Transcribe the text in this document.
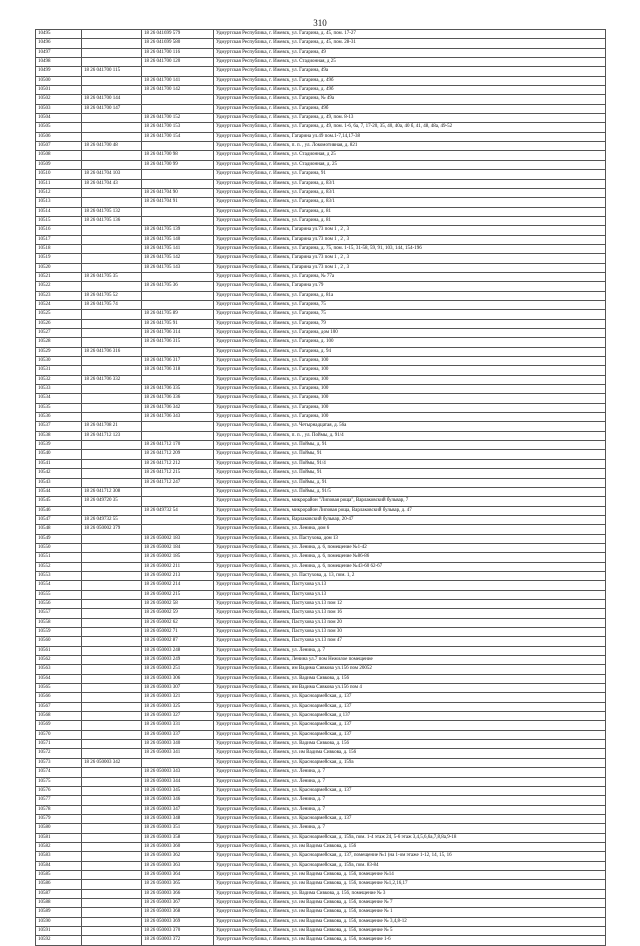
310
10495		18 26 041699 579	Удмуртская Республика, г. Ижевск, ул. Гагарина, д. 45, пом. 17-27
10496		18 26 041699 580	Удмуртская Республика, г. Ижевск, ул. Гагарина, д. 45, пом. 28-31
10497		18 26 041700 116	Удмуртская Республика, г. Ижевск, ул. Гагарина, 49
10498		18 26 041700 120	Удмуртская Республика, г. Ижевск, ул. Стадионная, д 25
10499	18 26 041700 115		Удмуртская Республика, г. Ижевск, ул. Гагарина, 49а
10500		18 26 041700 141	Удмуртская Республика, г. Ижевск, ул. Гагарина, д. 49б
10501		18 26 041700 142	Удмуртская Республика, г. Ижевск, ул. Гагарина, д. 49б
10502	18 26 041700 144		Удмуртская Республика, г. Ижевск, ул. Гагарина, № 49а
10503	18 26 041700 147		Удмуртская Республика, г. Ижевск, ул. Гагарина, 49б
10504		18 26 041700 152	Удмуртская Республика, г. Ижевск, ул. Гагарина, д. 49, пом. 8-13
10505		18 26 041700 153	Удмуртская Республика, г. Ижевск, ул. Гагарина, д. 49, пом. 1-6, 6а, 7, 17-20, 35, 40, 40а, 40 б, 41, 48, 48а, 49-52
10506		18 26 041700 154	Удмуртская Республика, г. Ижевск, Гагарина ул.49 пом.1-7,14,17-38
10507	18 26 041700 48		Удмуртская Республика, г. Ижевск, п. п. , ул. Локомотивная, д. 821
10508		18 26 041700 98	Удмуртская Республика, г. Ижевск, ул. Стадионная, д 25
10509		18 26 041700 99	Удмуртская Республика, г. Ижевск, ул. Стадионная, д. 25
10510	18 26 041704 103		Удмуртская Республика, г. Ижевск, ул. Гагарина, 91
10511	18 26 041704 43		Удмуртская Республика, г. Ижевск, ул. Гагарина, д. 83/1
10512		18 26 041704 90	Удмуртская Республика, г. Ижевск, ул. Гагарина, д. 83/1
10513		18 26 041704 91	Удмуртская Республика, г. Ижевск, ул. Гагарина, д. 83/1
10514	18 26 041705 132		Удмуртская Республика, г. Ижевск, ул. Гагарина, д. 81
10515	18 26 041705 136		Удмуртская Республика, г. Ижевск, ул. Гагарина, д. 81
10516		18 26 041705 139	Удмуртская Республика, г. Ижевск, Гагарина ул.73 пом 1 , 2 , 3
10517		18 26 041705 140	Удмуртская Республика, г. Ижевск, Гагарина ул.73 пом 1 , 2 , 3
10518		18 26 041705 141	Удмуртская Республика, г. Ижевск, ул. Гагарина, д. 75, пом. 1-15, 31-58, 59, 91, 103, 144, 154-196
10519		18 26 041705 142	Удмуртская Республика, г. Ижевск, Гагарина ул.73 пом 1 , 2 , 3
10520		18 26 041705 143	Удмуртская Республика, г. Ижевск, Гагарина ул.73 пом 1 , 2 , 3
10521	18 26 041705 35		Удмуртская Республика, г. Ижевск, ул. Гагарина, № 77а
10522		18 26 041705 36	Удмуртская Республика, г. Ижевск, Гагарина ул.79
10523	18 26 041705 52		Удмуртская Республика, г. Ижевск, ул. Гагарина, д. 81а
10524	18 26 041705 74		Удмуртская Республика, г. Ижевск, ул. Гагарина, 75
10525		18 26 041705 89	Удмуртская Республика, г. Ижевск, ул. Гагарина, 75
10526		18 26 041705 91	Удмуртская Республика, г. Ижевск, ул. Гагарина, 79
10527		18 26 041706 314	Удмуртская Республика, г. Ижевск, ул. Гагарина, дом 100
10528		18 26 041706 315	Удмуртская Республика, г. Ижевск, ул. Гагарина, д. 100
10529	18 26 041706 316		Удмуртская Республика, г. Ижевск, ул. Гагарина, д. 94
10530		18 26 041706 317	Удмуртская Республика, г. Ижевск, ул. Гагарина, 100
10531		18 26 041706 318	Удмуртская Республика, г. Ижевск, ул. Гагарина, 100
10532	18 26 041706 332		Удмуртская Республика, г. Ижевск, ул. Гагарина, 100
10533		18 26 041706 335	Удмуртская Республика, г. Ижевск, ул. Гагарина, 100
10534		18 26 041706 336	Удмуртская Республика, г. Ижевск, ул. Гагарина, 100
10535		18 26 041706 342	Удмуртская Республика, г. Ижевск, ул. Гагарина, 100
10536		18 26 041706 343	Удмуртская Республика, г. Ижевск, ул. Гагарина, 100
10537	18 26 041708 21		Удмуртская Республика, г. Ижевск, ул. Четырнадцатая, д. 56а
10538	18 26 041712 123		Удмуртская Республика, г. Ижевск, п. п. , ул. Поймы, д. 91/4
10539		18 26 041712 170	Удмуртская Республика, г. Ижевск, ул. Поймы, д. 91
10540		18 26 041712 209	Удмуртская Республика, г. Ижевск, ул. Поймы, 91
10541		18 26 041712 212	Удмуртская Республика, г. Ижевск, ул. Поймы, 91/4
10542		18 26 041712 215	Удмуртская Республика, г. Ижевск, ул. Поймы, 91
10543		18 26 041712 247	Удмуртская Республика, г. Ижевск, ул. Поймы, д. 91
10544	18 26 041712 308		Удмуртская Республика, г. Ижевск, ул. Поймы, д. 91/5
10545	18 26 049720 35		Удмуртская Республика, г. Ижевск, микрорайон "Липовая роща", Варлаковский бульвар, 7
10546		18 26 049732 54	Удмуртская Республика, г. Ижевск, микрорайон Липовая роща, Варлаковский бульвар, д. 47
10547	18 26 049732 55		Удмуртская Республика, г. Ижевск, Варлаковский бульвар, 20-47
10548	18 26 050002 379		Удмуртская Республика, г. Ижевск, ул. Ленина, дом 6
10549		18 26 050002 183	Удмуртская Республика, г. Ижевск, ул. Пастухова, дом 13
10550		18 26 050002 184	Удмуртская Республика, г. Ижевск, ул. Ленина, д. 6, помещение №1-42
10551		18 26 050002 185	Удмуртская Республика, г. Ижевск, ул. Ленина, д. 6, помещение №86-86
10552		18 26 050002 211	Удмуртская Республика, г. Ижевск, ул. Ленина, д. 6, помещение №43-60 62-67
10553		18 26 050002 213	Удмуртская Республика, г. Ижевск, ул. Пастухова, д. 13, пом. 1, 2
10554		18 26 050002 214	Удмуртская Республика, г. Ижевск, Пастухова ул.13
10555		18 26 050002 215	Удмуртская Республика, г. Ижевск, Пастухова ул.13
10556		18 26 050002 58	Удмуртская Республика, г. Ижевск, Пастухова ул.13 пом 12
10557		18 26 050002 59	Удмуртская Республика, г. Ижевск, Пастухова ул.13 пом 16
10558		18 26 050002 62	Удмуртская Республика, г. Ижевск, Пастухова ул.13 пом 20
10559		18 26 050002 71	Удмуртская Республика, г. Ижевск, Пастухова ул.13 пом 30
10560		18 26 050002 87	Удмуртская Республика, г. Ижевск, Пастухова ул.13 пом 47
10561		18 26 050003 248	Удмуртская Республика, г. Ижевск, ул. Ленина, д. 7
10562		18 26 050003 249	Удмуртская Республика, г. Ижевск, Ленина ул.7 пом Нежилое помещение
10563		18 26 050003 251	Удмуртская Республика, г. Ижевск, им Вадима Сивкова ул.156 пом 20052
10564		18 26 050003 306	Удмуртская Республика, г. Ижевск, ул. Вадима Сивкова, д. 156
10565		18 26 050003 307	Удмуртская Республика, г. Ижевск, им Вадима Сивкова ул.156 пом 4
10566		18 26 050003 321	Удмуртская Республика, г. Ижевск, ул. Красноармейская, д. 137
10567		18 26 050003 325	Удмуртская Республика, г. Ижевск, ул. Красноармейская, д. 137
10568		18 26 050003 327	Удмуртская Республика, г. Ижевск, ул. Красноармейская, д 137
10569		18 26 050003 331	Удмуртская Республика, г. Ижевск, ул. Красноармейская, д. 137
10570		18 26 050003 337	Удмуртская Республика, г. Ижевск, ул. Красноармейская, д. 137
10571		18 26 050003 340	Удмуртская Республика, г. Ижевск, ул. Вадима Сивкова, д. 156
10572		18 26 050003 341	Удмуртская Республика, г. Ижевск, ул. им Вадима Сивкова, д. 156
10573	18 26 050003 342		Удмуртская Республика, г. Ижевск, ул. Красноармейская, д. 159а
10574		18 26 050003 343	Удмуртская Республика, г. Ижевск, ул. Ленина, д. 7
10575		18 26 050003 344	Удмуртская Республика, г. Ижевск, ул. Ленина, д. 7
10576		18 26 050003 345	Удмуртская Республика, г. Ижевск, ул. Красноармейская, д. 137
10577		18 26 050003 346	Удмуртская Республика, г. Ижевск, ул. Ленина, д. 7
10578		18 26 050003 347	Удмуртская Республика, г. Ижевск, ул. Ленина, д. 7
10579		18 26 050003 348	Удмуртская Республика, г. Ижевск, ул. Красноармейская, д. 137
10580		18 26 050003 351	Удмуртская Республика, г. Ижевск, ул. Ленина, д. 7
10581		18 26 050003 358	Удмуртская Республика, г. Ижевск, ул. Красноармейская, д. 159а, пом. 1-4 этаж 24, 5-6 этаж 3,4,5,6,6а,7,8,8а,9-18
10582		18 26 050003 360	Удмуртская Республика, г. Ижевск, ул. им Вадима Сивкова, д. 156
10583		18 26 050003 362	Удмуртская Республика, г. Ижевск, ул. Красноармейская, д. 137, помещение №1 (на 1-ом этаже 1-12, 14, 15, 16
10584		18 26 050003 363	Удмуртская Республика, г. Ижевск, ул. Красноармейская, д. 159а, пом. 83-84
10585		18 26 050003 364	Удмуртская Республика, г. Ижевск, ул. им Вадима Сивкова, д. 156, помещение №14
10586		18 26 050003 365	Удмуртская Республика, г. Ижевск, ул. им Вадима Сивкова, д. 156, помещение №1,2,16,17
10587		18 26 050003 366	Удмуртская Республика, г. Ижевск, ул. Вадима Сивкова, д. 156, помещение № 3
10588		18 26 050003 367	Удмуртская Республика, г. Ижевск, ул. им Вадима Сивкова, д. 156, помещение № 7
10589		18 26 050003 368	Удмуртская Республика, г. Ижевск, ул. им Вадима Сивкова, д. 156, помещение № 1
10590		18 26 050003 369	Удмуртская Республика, г. Ижевск, ул. им Вадима Сивкова, д. 156, помещение № 3,4,8-12
10591		18 26 050003 370	Удмуртская Республика, г. Ижевск, ул. им Вадима Сивкова, д. 156, помещение № 5
10592		18 26 050003 372	Удмуртская Республика, г. Ижевск, ул. им Вадима Сивкова, д. 156, помещение 1-6
